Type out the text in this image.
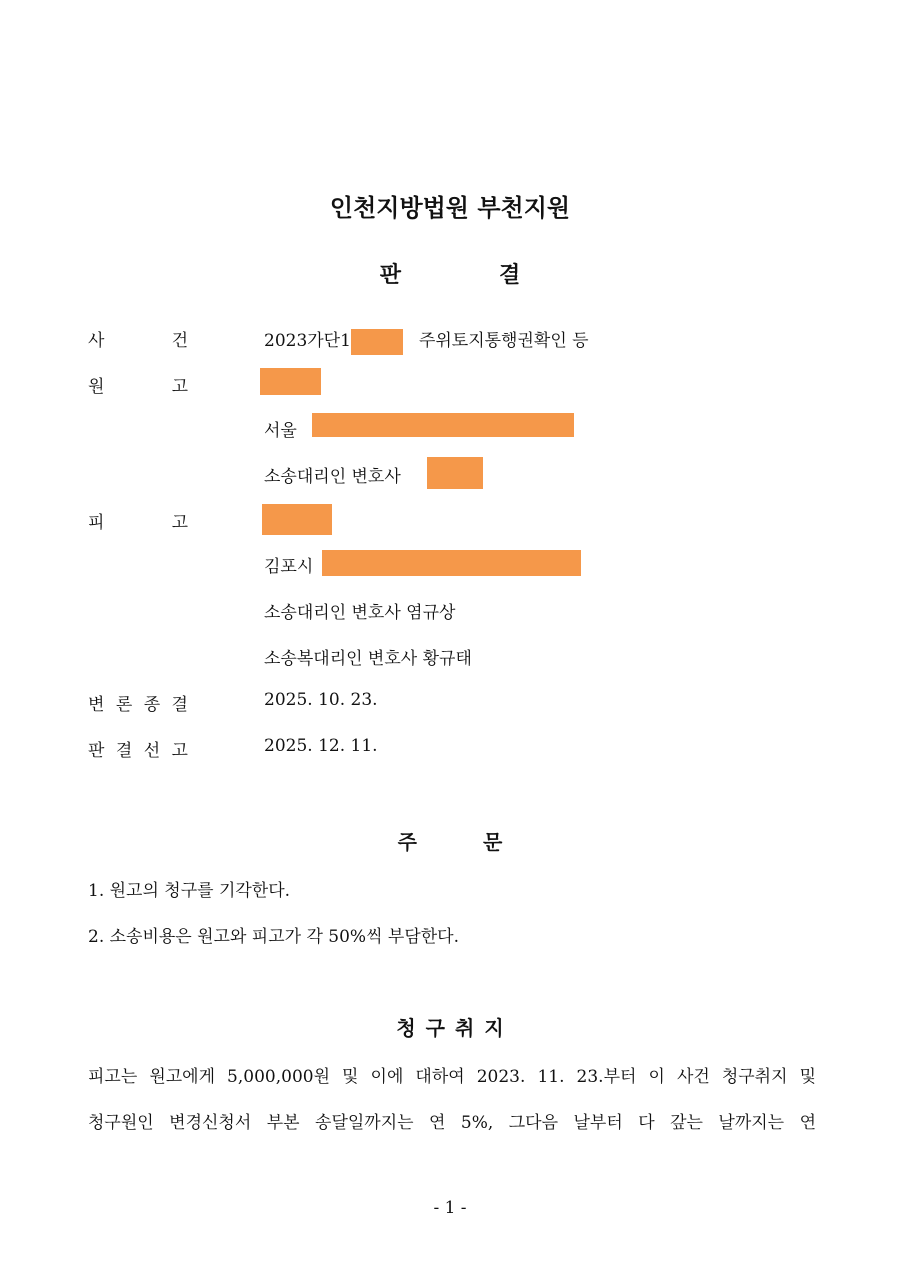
인천지방법원 부천지원
판	결
사	건	2023가단1	주위토지통행권확인 등
원	고
서울
소송대리인 변호사
피	고
김포시
소송대리인 변호사 염규상
소송복대리인 변호사 황규태
변 론 종 결	2025. 10. 23.
판 결 선 고	2025. 12. 11.
주	문
1. 원고의 청구를 기각한다.
2. 소송비용은 원고와 피고가 각 50%씩 부담한다.
청 구 취 지
피고는 원고에게 5,000,000원 및 이에 대하여 2023. 11. 23.부터 이 사건 청구취지 및
청구원인 변경신청서 부본 송달일까지는 연 5%, 그다음 날부터 다 갚는 날까지는 연
- 1 -
